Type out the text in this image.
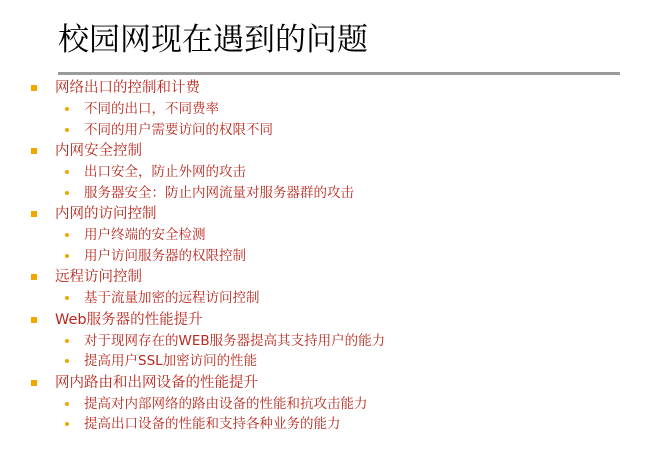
校园网现在遇到的问题
网络出口的控制和计费
不同的出口，不同费率
不同的用户需要访问的权限不同
内网安全控制
出口安全，防止外网的攻击
服务器安全：防止内网流量对服务器群的攻击
内网的访问控制
用户终端的安全检测
用户访问服务器的权限控制
远程访问控制
基于流量加密的远程访问控制
Web服务器的性能提升
对于现网存在的WEB服务器提高其支持用户的能力
提高用户SSL加密访问的性能
网内路由和出网设备的性能提升
提高对内部网络的路由设备的性能和抗攻击能力
提高出口设备的性能和支持各种业务的能力
